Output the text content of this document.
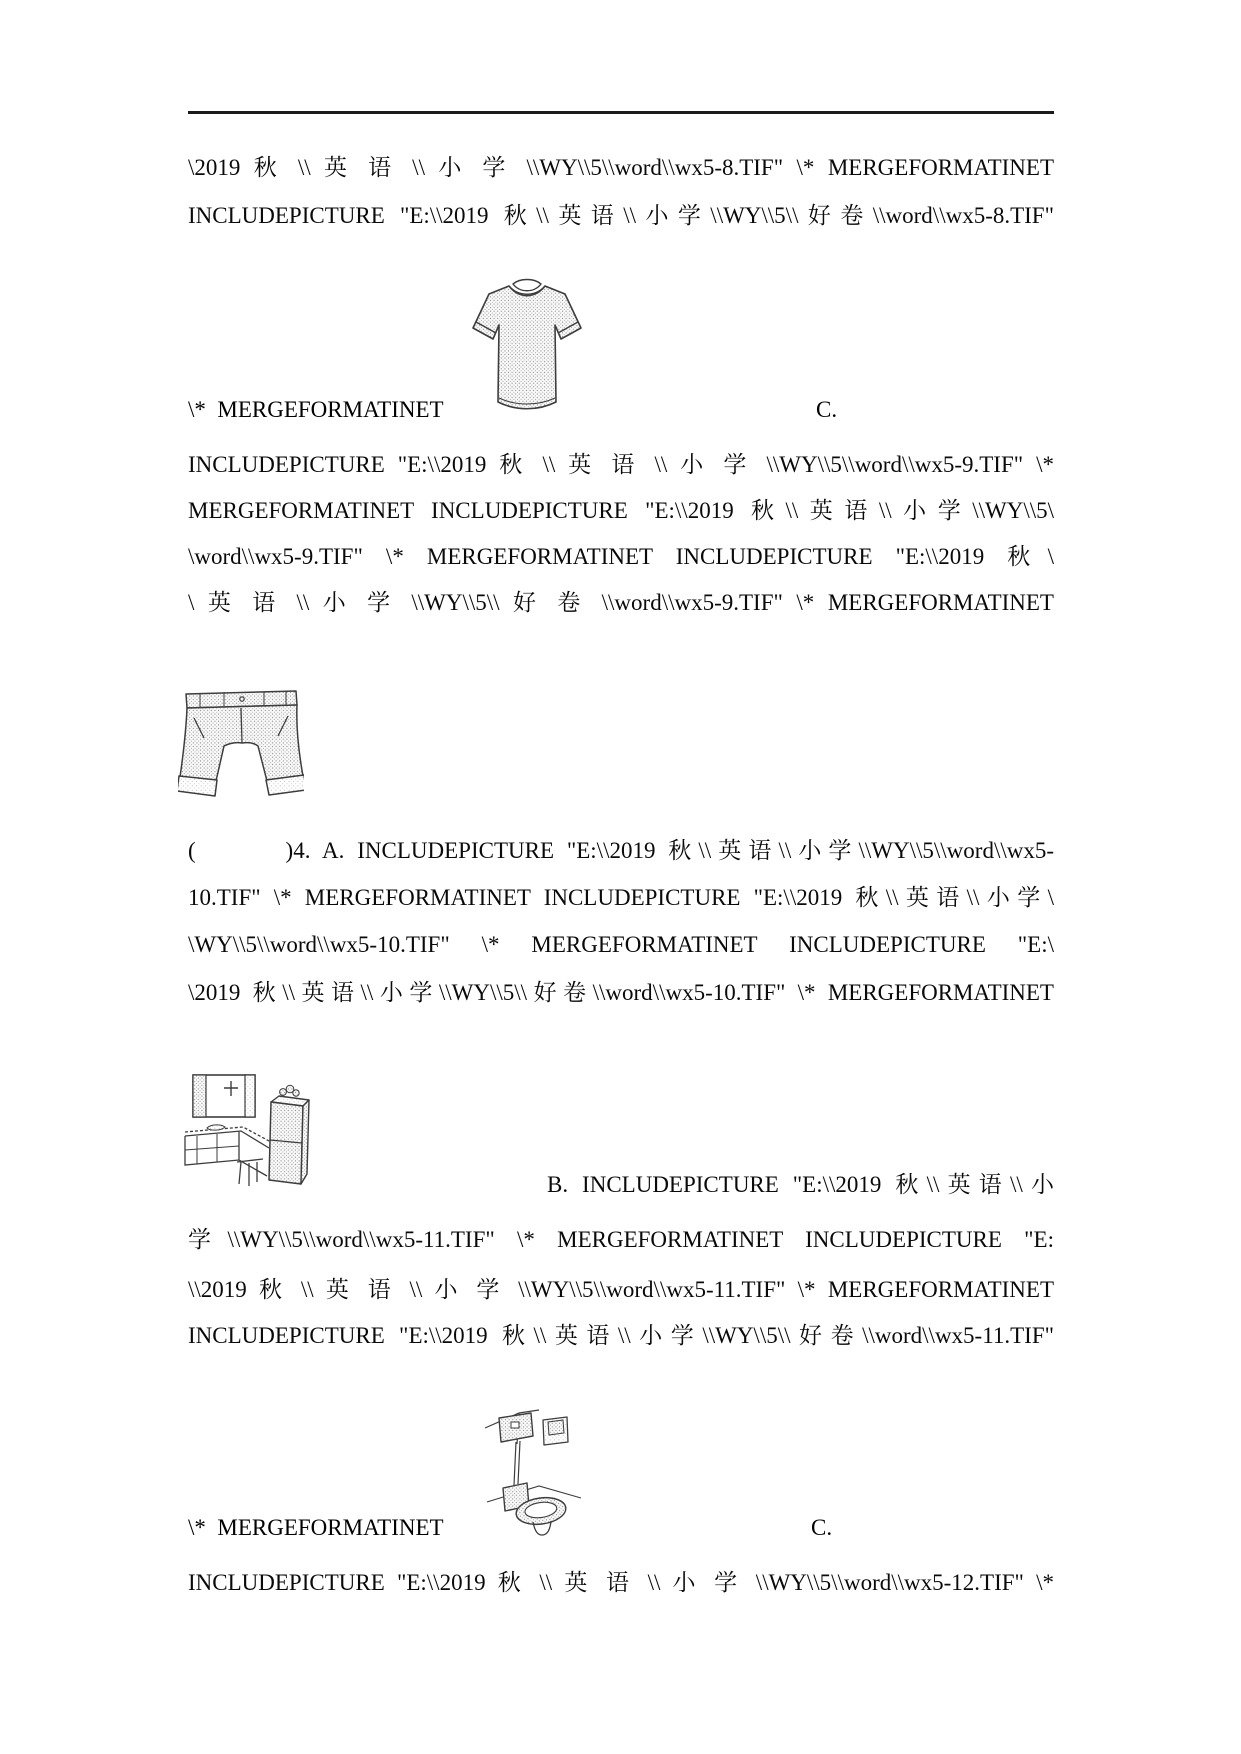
\2019 秋 \\ 英 语 \\ 小 学 \\WY\\5\\word\\wx5-8.TIF" \* MERGEFORMATINET
INCLUDEPICTURE "E:\\2019 秋\\英语\\小学\\WY\\5\\好卷\\word\\wx5-8.TIF"
\*  MERGEFORMATINET	C.
INCLUDEPICTURE "E:\\2019 秋 \\ 英 语 \\ 小 学 \\WY\\5\\word\\wx5-9.TIF" \*
MERGEFORMATINET INCLUDEPICTURE "E:\\2019 秋\\英语\\小学\\WY\\5\
\word\\wx5-9.TIF" \* MERGEFORMATINET INCLUDEPICTURE "E:\\2019 秋\
\ 英 语 \\ 小 学 \\WY\\5\\ 好 卷 \\word\\wx5-9.TIF" \* MERGEFORMATINET
(       )4. A. INCLUDEPICTURE "E:\\2019 秋\\英语\\小学\\WY\\5\\word\\wx5-
10.TIF" \* MERGEFORMATINET INCLUDEPICTURE "E:\\2019 秋\\英语\\小学\
\WY\\5\\word\\wx5-10.TIF" \* MERGEFORMATINET INCLUDEPICTURE "E:\
\2019 秋\\英语\\小学\\WY\\5\\好卷\\word\\wx5-10.TIF" \* MERGEFORMATINET
B. INCLUDEPICTURE "E:\\2019 秋\\英语\\小
学\\WY\\5\\word\\wx5-11.TIF" \* MERGEFORMATINET INCLUDEPICTURE "E:
\\2019 秋 \\ 英 语 \\ 小 学 \\WY\\5\\word\\wx5-11.TIF" \* MERGEFORMATINET
INCLUDEPICTURE "E:\\2019 秋\\英语\\小学\\WY\\5\\好卷\\word\\wx5-11.TIF"
\*  MERGEFORMATINET	C.
INCLUDEPICTURE "E:\\2019 秋 \\ 英 语 \\ 小 学 \\WY\\5\\word\\wx5-12.TIF" \*
